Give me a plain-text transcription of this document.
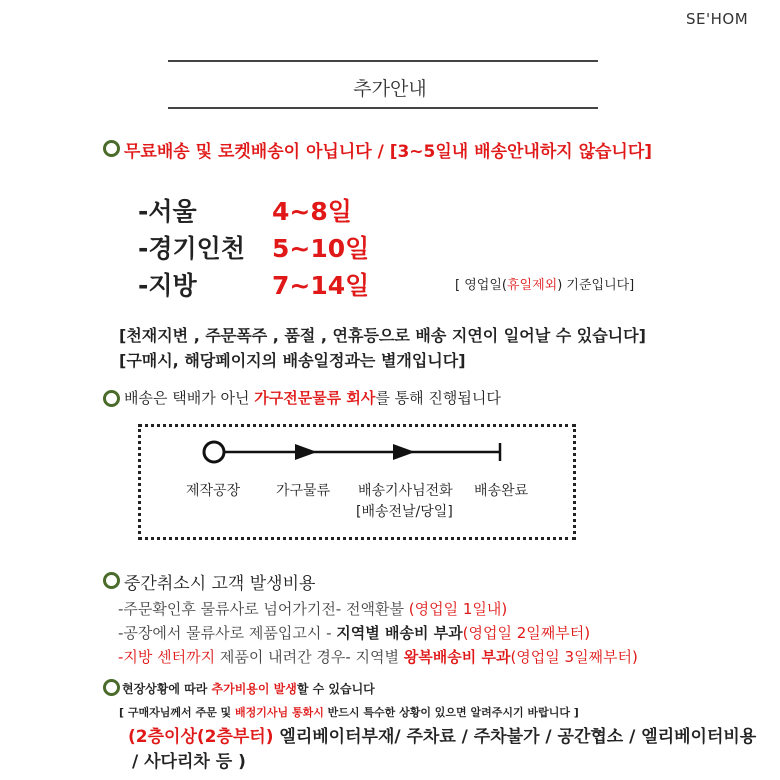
SE'HOM
추가안내
무료배송 및 로켓배송이 아닙니다 / [3~5일내 배송안내하지 않습니다]
-서울	4~8일
-경기인천 5~10일
-지방	7~14일	[ 영업일(휴일제외) 기준입니다]
[천재지변 , 주문폭주 , 품절 , 연휴등으로 배송 지연이 일어날 수 있습니다]
[구매시, 해당페이지의 배송일정과는 별개입니다]
배송은 택배가 아닌 가구전문물류 회사를 통해 진행됩니다
제작공장	가구물류 배송기사님전화 배송완료
[배송전날/당일]
중간취소시 고객 발생비용
-주문확인후 물류사로 넘어가기전- 전액환불 (영업일 1일내)
-공장에서 물류사로 제품입고시 - 지역별 배송비 부과(영업일 2일째부터)
-지방 센터까지 제품이 내려간 경우- 지역별 왕복배송비 부과(영업일 3일째부터)
현장상황에 따라 추가비용이 발생할 수 있습니다
[ 구매자님께서 주문 및 배정기사님 통화시 반드시 특수한 상황이 있으면 알려주시기 바랍니다 ]
(2층이상(2층부터) 엘리베이터부재/ 주차료 / 주차불가 / 공간협소 / 엘리베이터비용
/ 사다리차 등 )
